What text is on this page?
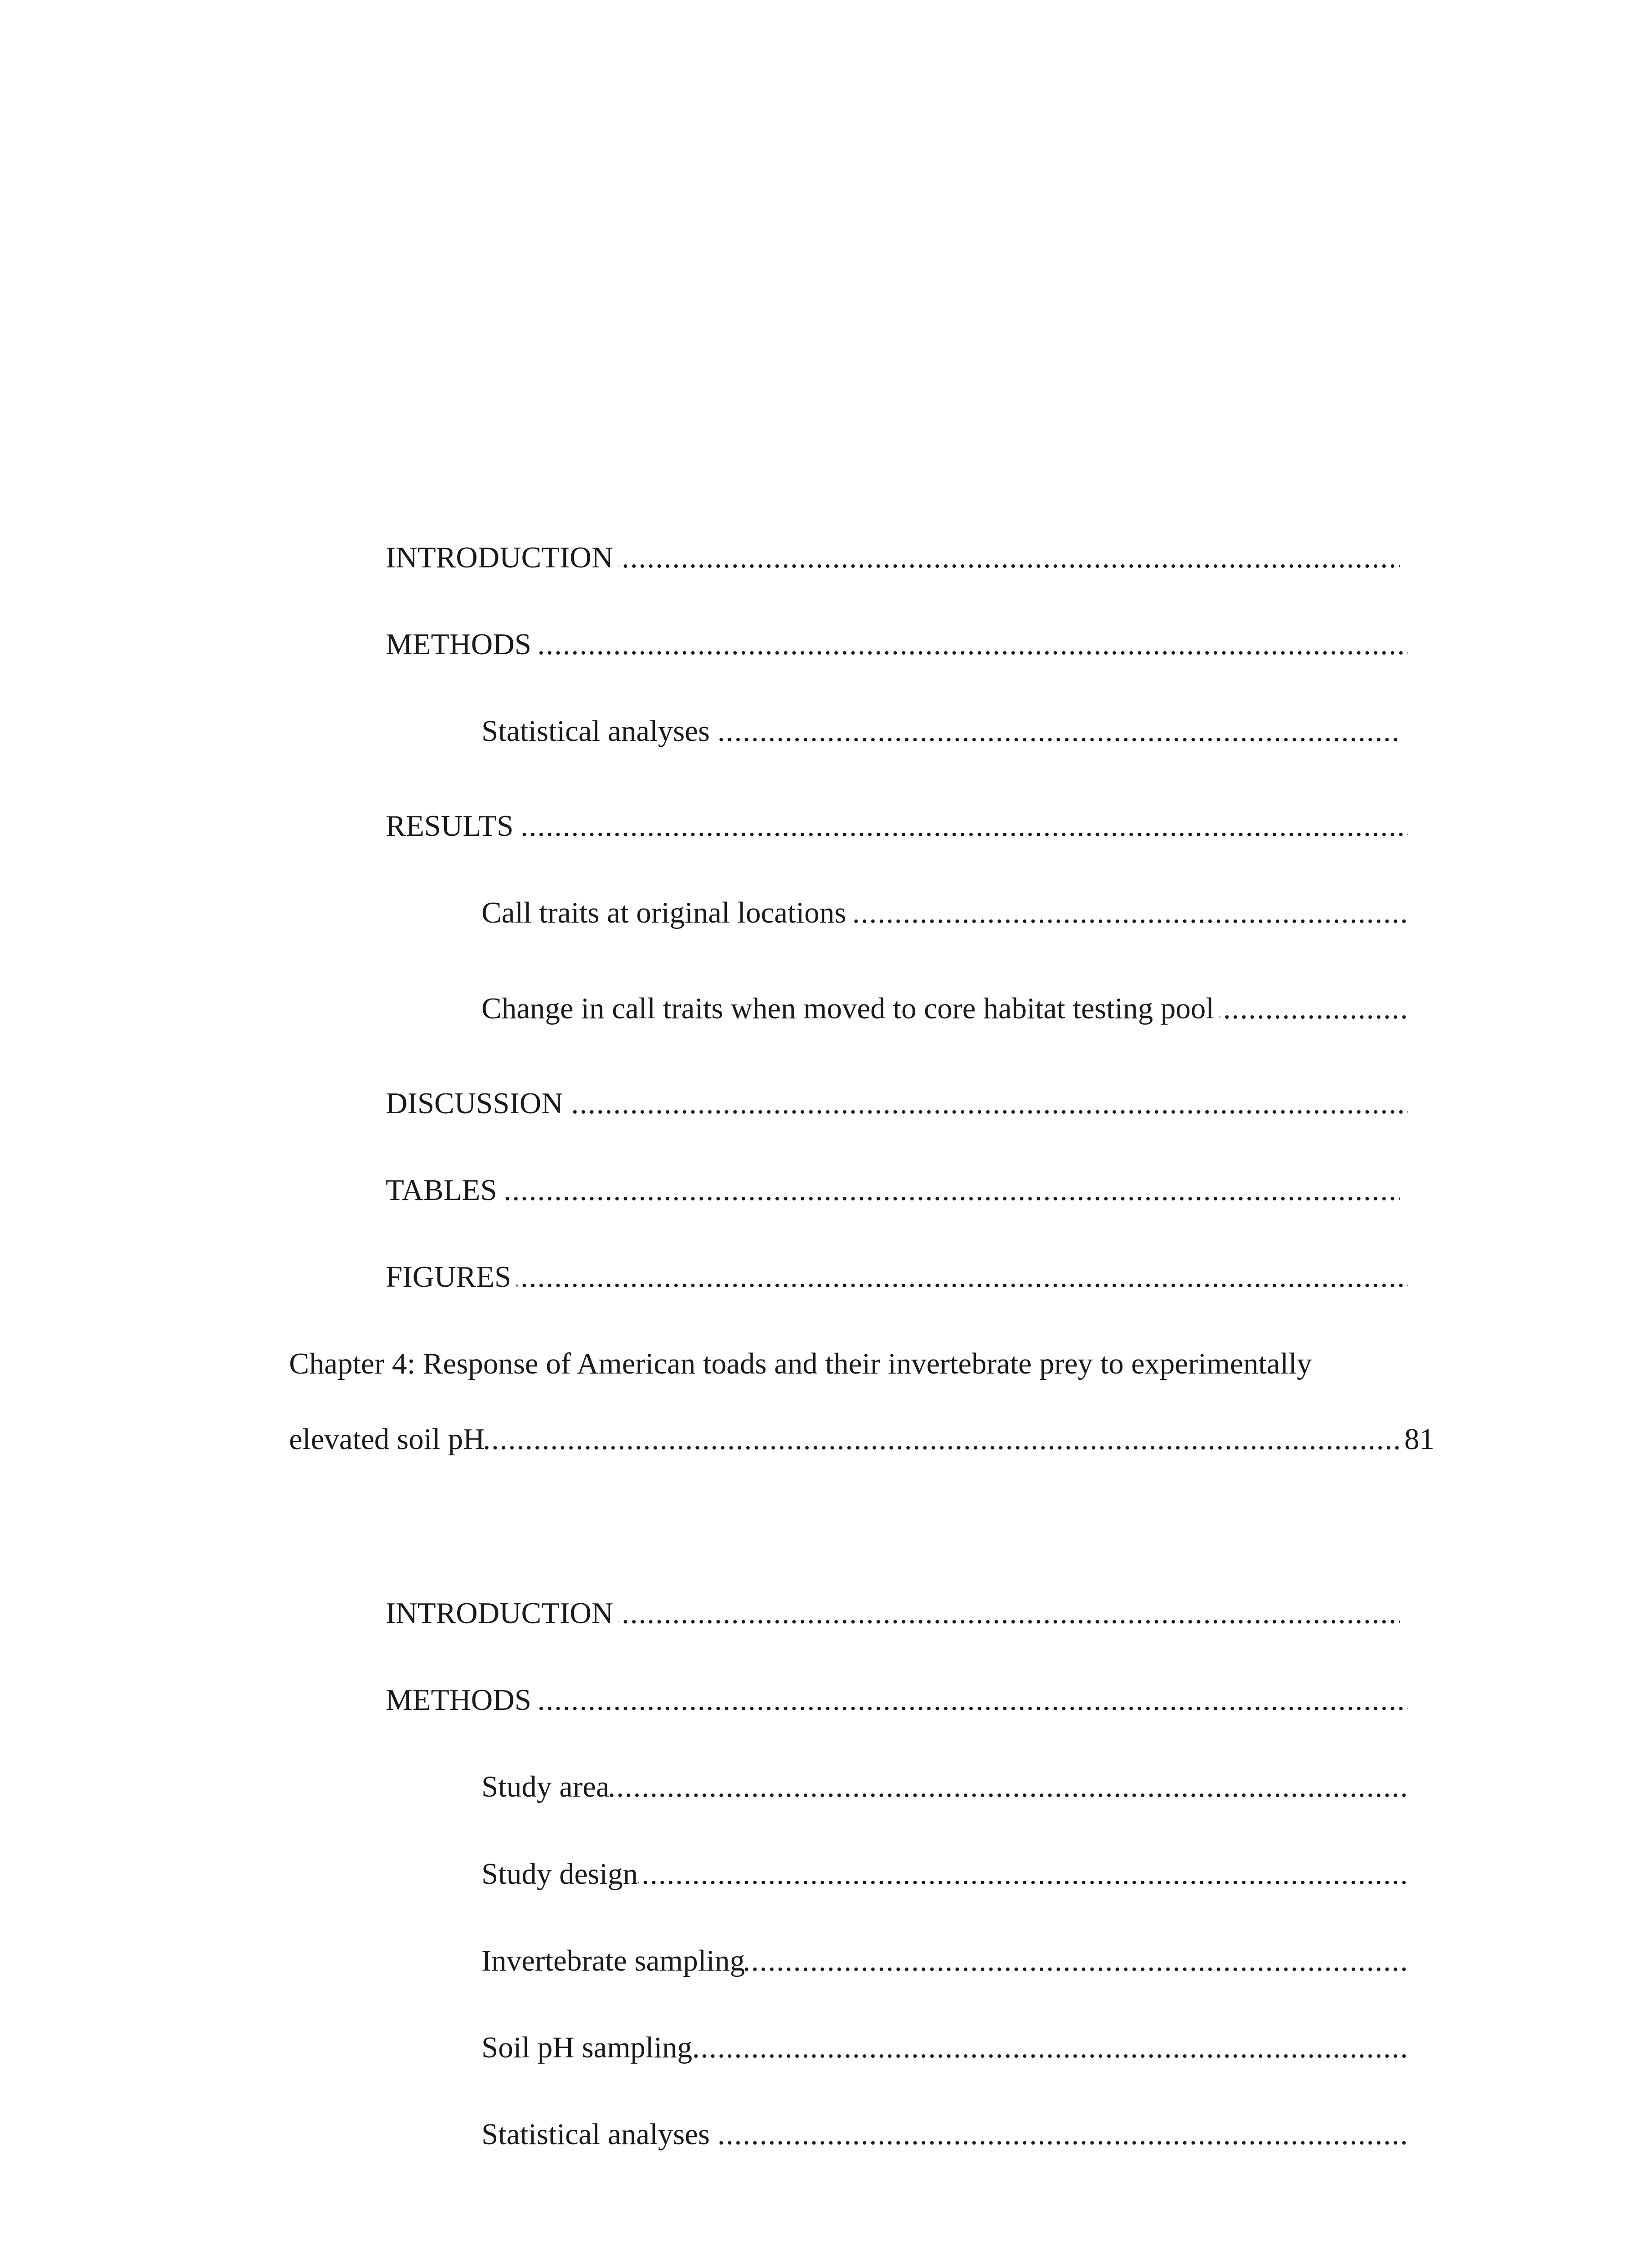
INTRODUCTION
.....
METHODS
.....
Statistical analyses
.....
RESULTS
.....
Call traits at original locations
.....
Change in call traits when moved to core habitat testing pool
.....
DISCUSSION
.....
TABLES
.....
FIGURES
.....
Chapter 4: Response of American toads and their invertebrate prey to experimentally
elevated soil pH
.....	81
INTRODUCTION
.....
METHODS
.....
Study area
.....
Study design
.....
Invertebrate sampling
.....
Soil pH sampling
.....
Statistical analyses
.....
